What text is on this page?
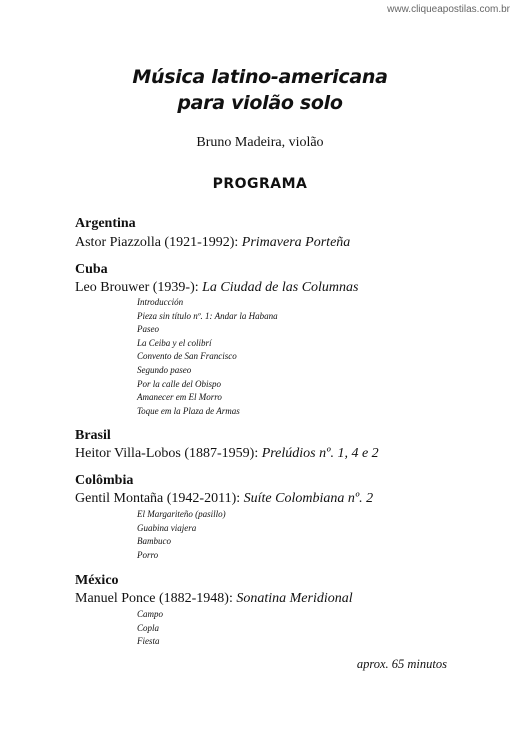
www.cliqueapostilas.com.br
Música latino-americana
para violão solo
Bruno Madeira, violão
PROGRAMA
Argentina
Astor Piazzolla (1921-1992): Primavera Porteña
Cuba
Leo Brouwer (1939-): La Ciudad de las Columnas
Introducción
Pieza sin título nº. 1: Andar la Habana
Paseo
La Ceiba y el colibrí
Convento de San Francisco
Segundo paseo
Por la calle del Obispo
Amanecer em El Morro
Toque em la Plaza de Armas
Brasil
Heitor Villa-Lobos (1887-1959): Prelúdios nº. 1, 4 e 2
Colômbia
Gentil Montaña (1942-2011): Suíte Colombiana nº. 2
El Margariteño (pasillo)
Guabina viajera
Bambuco
Porro
México
Manuel Ponce (1882-1948): Sonatina Meridional
Campo
Copla
Fiesta
aprox. 65 minutos
